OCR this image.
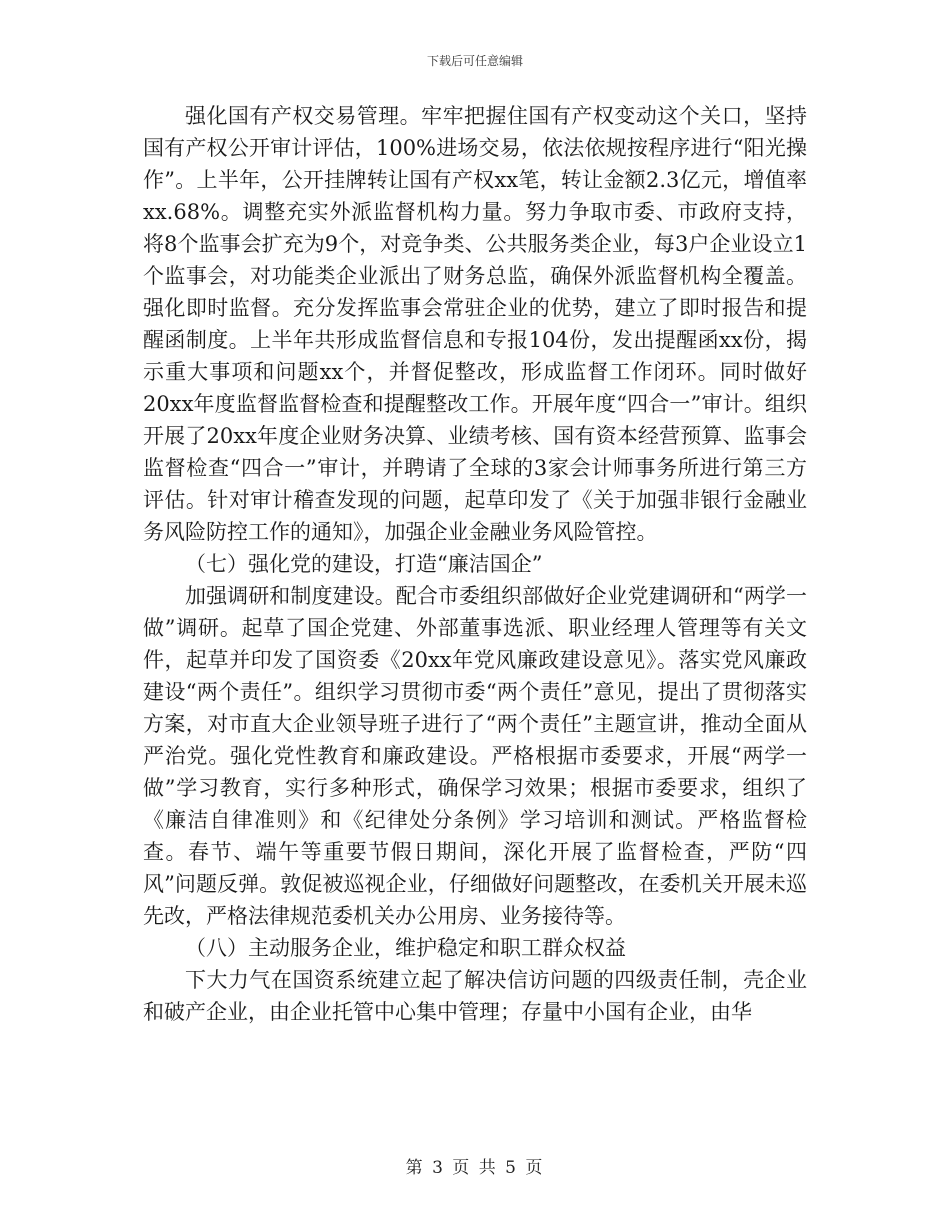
下载后可任意编辑

强化国有产权交易管理。牢牢把握住国有产权变动这个关口，坚持国有产权公开审计评估，100%进场交易，依法依规按程序进行“阳光操作”。上半年，公开挂牌转让国有产权xx笔，转让金额2.3亿元，增值率xx.68%。调整充实外派监督机构力量。努力争取市委、市政府支持，将8个监事会扩充为9个，对竞争类、公共服务类企业，每3户企业设立1个监事会，对功能类企业派出了财务总监，确保外派监督机构全覆盖。强化即时监督。充分发挥监事会常驻企业的优势，建立了即时报告和提醒函制度。上半年共形成监督信息和专报104份，发出提醒函xx份，揭示重大事项和问题xx个，并督促整改，形成监督工作闭环。同时做好20xx年度监督监督检查和提醒整改工作。开展年度“四合一”审计。组织开展了20xx年度企业财务决算、业绩考核、国有资本经营预算、监事会监督检查“四合一”审计，并聘请了全球的3家会计师事务所进行第三方评估。针对审计稽查发现的问题，起草印发了《关于加强非银行金融业务风险防控工作的通知》，加强企业金融业务风险管控。

（七）强化党的建设，打造“廉洁国企”

加强调研和制度建设。配合市委组织部做好企业党建调研和“两学一做”调研。起草了国企党建、外部董事选派、职业经理人管理等有关文件，起草并印发了国资委《20xx年党风廉政建设意见》。落实党风廉政建设“两个责任”。组织学习贯彻市委“两个责任”意见，提出了贯彻落实方案，对市直大企业领导班子进行了“两个责任”主题宣讲，推动全面从严治党。强化党性教育和廉政建设。严格根据市委要求，开展“两学一做”学习教育，实行多种形式，确保学习效果；根据市委要求，组织了《廉洁自律准则》和《纪律处分条例》学习培训和测试。严格监督检查。春节、端午等重要节假日期间，深化开展了监督检查，严防“四风”问题反弹。敦促被巡视企业，仔细做好问题整改，在委机关开展未巡先改，严格法律规范委机关办公用房、业务接待等。

（八）主动服务企业，维护稳定和职工群众权益

下大力气在国资系统建立起了解决信访问题的四级责任制，壳企业和破产企业，由企业托管中心集中管理；存量中小国有企业，由华

第 3 页 共 5 页
